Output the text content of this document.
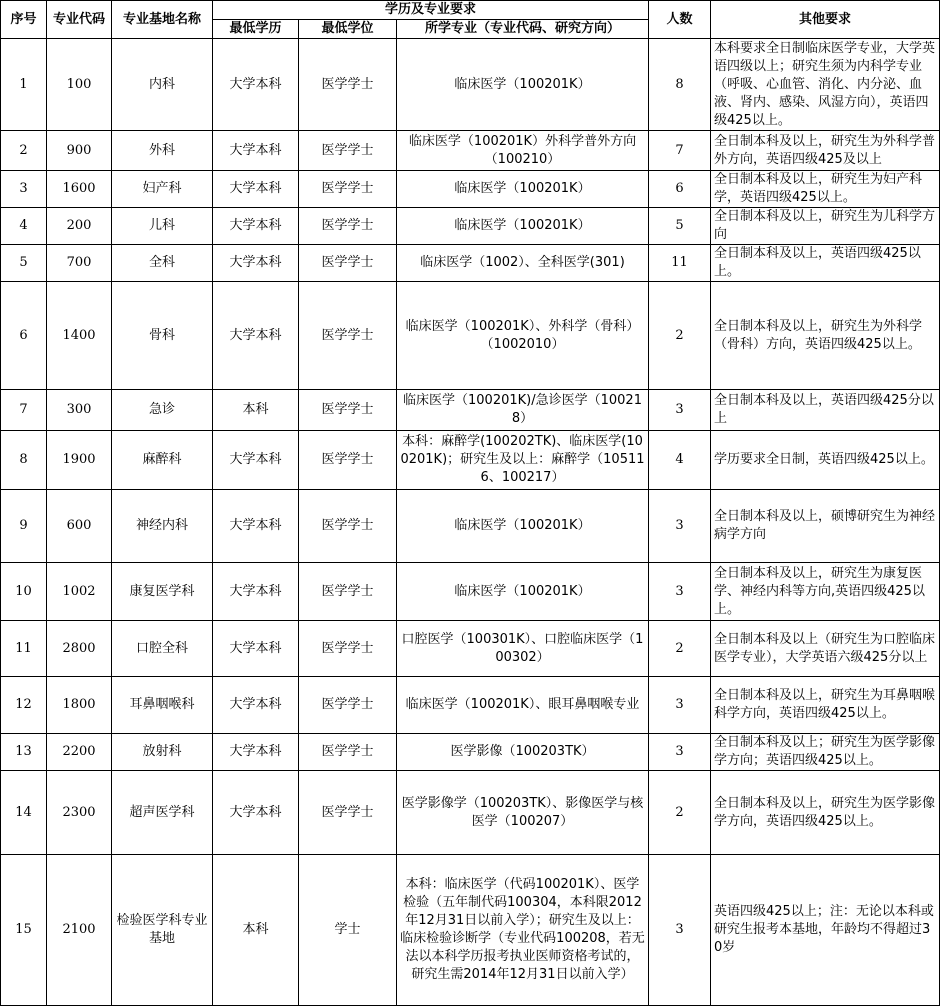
序号	专业代码	专业基地名称	学历及专业要求			人数	其他要求
			最低学历	最低学位	所学专业（专业代码、研究方向）		
1	100	内科	大学本科	医学学士	临床医学（100201K）	8	本科要求全日制临床医学专业，大学英语四级以上；研究生须为内科学专业（呼吸、心血管、消化、内分泌、血液、肾内、感染、风湿方向），英语四级425以上。
2	900	外科	大学本科	医学学士	临床医学（100201K）外科学普外方向（100210）	7	全日制本科及以上，研究生为外科学普外方向，英语四级425及以上
3	1600	妇产科	大学本科	医学学士	临床医学（100201K）	6	全日制本科及以上，研究生为妇产科学，英语四级425以上。
4	200	儿科	大学本科	医学学士	临床医学（100201K）	5	全日制本科及以上，研究生为儿科学方向
5	700	全科	大学本科	医学学士	临床医学（1002）、全科医学(301)	11	全日制本科及以上，英语四级425以上。
6	1400	骨科	大学本科	医学学士	临床医学（100201K）、外科学（骨科）（1002010）	2	全日制本科及以上，研究生为外科学（骨科）方向，英语四级425以上。
7	300	急诊	本科	医学学士	临床医学（100201K)/急诊医学（100218）	3	全日制本科及以上，英语四级425分以上
8	1900	麻醉科	大学本科	医学学士	本科：麻醉学(100202TK)、临床医学(100201K)；研究生及以上：麻醉学（105116、100217）	4	学历要求全日制，英语四级425以上。
9	600	神经内科	大学本科	医学学士	临床医学（100201K）	3	全日制本科及以上，硕博研究生为神经病学方向
10	1002	康复医学科	大学本科	医学学士	临床医学（100201K）	3	全日制本科及以上，研究生为康复医学、神经内科等方向,英语四级425以上。
11	2800	口腔全科	大学本科	医学学士	口腔医学（100301K）、口腔临床医学（100302）	2	全日制本科及以上（研究生为口腔临床医学专业），大学英语六级425分以上
12	1800	耳鼻咽喉科	大学本科	医学学士	临床医学（100201K）、眼耳鼻咽喉专业	3	全日制本科及以上，研究生为耳鼻咽喉科学方向，英语四级425以上。
13	2200	放射科	大学本科	医学学士	医学影像（100203TK）	3	全日制本科及以上；研究生为医学影像学方向；英语四级425以上。
14	2300	超声医学科	大学本科	医学学士	医学影像学（100203TK）、影像医学与核医学（100207）	2	全日制本科及以上，研究生为医学影像学方向，英语四级425以上。
15	2100	检验医学科专业基地	本科	学士	本科：临床医学（代码100201K）、医学检验（五年制代码100304，本科限2012年12月31日以前入学）；研究生及以上：临床检验诊断学（专业代码100208，若无法以本科学历报考执业医师资格考试的，研究生需2014年12月31日以前入学）	3	英语四级425以上；注：无论以本科或研究生报考本基地，年龄均不得超过30岁
